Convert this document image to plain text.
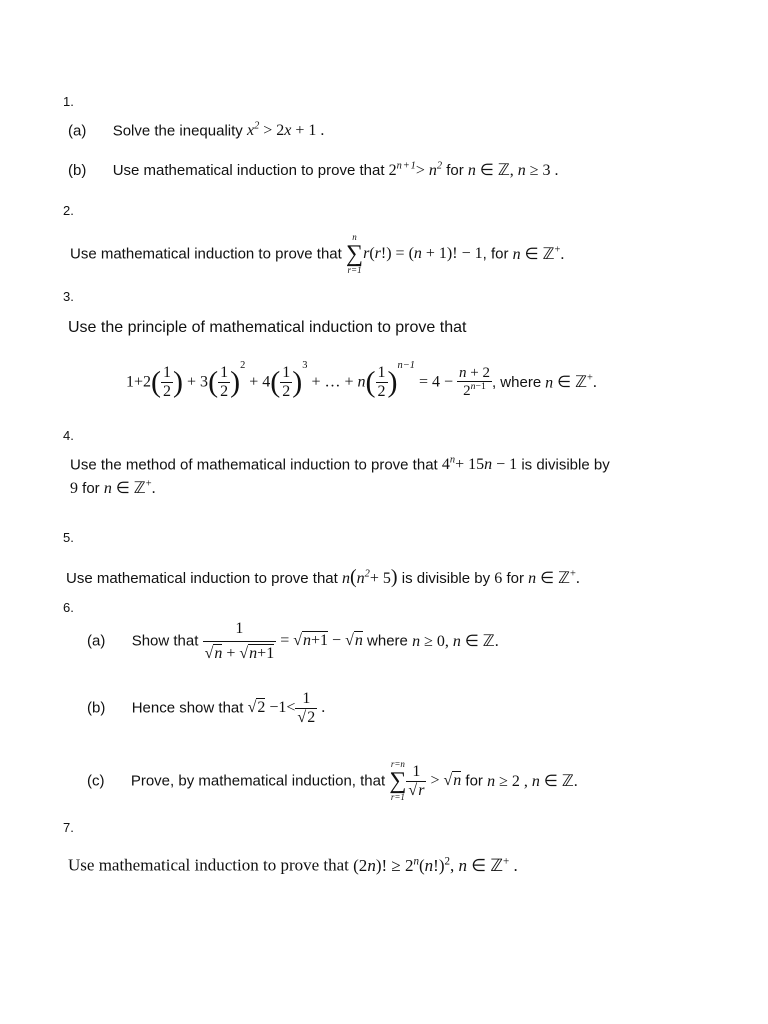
1.
(a) Solve the inequality $x^2 > 2x + 1$ .
(b) Use mathematical induction to prove that $2^{n + 1}> n^2$ for n ∈ ℤ, n ≥ 3 .
2.
Use mathematical induction to prove that
n
∑
r=1
r(r!) = (n + 1)! − 1, for n ∈ ℤ+.
3.
Use the principle of mathematical induction to prove that
$1+2( \frac{1}{2}$ ) + $3( \frac{1}{2} )^2 + 4( \frac{1}{2} )^3$ + … + $n( \frac{1}{2} )^{n-1} = 4 - \frac{n + 2}{2^{n-1}}$ , where n ∈ ℤ+.
4.
Use the method of mathematical induction to prove that $4^n+ 15n - 1$ is divisible by
9 for n ∈ ℤ+.
5.
Use mathematical induction to prove that $n(n^2+ 5)$ is divisible by 6 for n ∈ ℤ+.
6.
(a) Show that $\frac{1}{√n + √n+1} = √n+1 - √n$ where n ≥ 0, n ∈ ℤ.
(b) Hence show that $√2 -1< \frac{1}{√2}$ .
(c) Prove, by mathematical induction, that
r=n
∑
$r=1 \frac{1}{√r} > √n$ for n ≥ 2 , n ∈ ℤ.
7.
Use mathematical induction to prove that (2n)! ≥ $2^n(n!)^2$, n ∈ ℤ+ .
